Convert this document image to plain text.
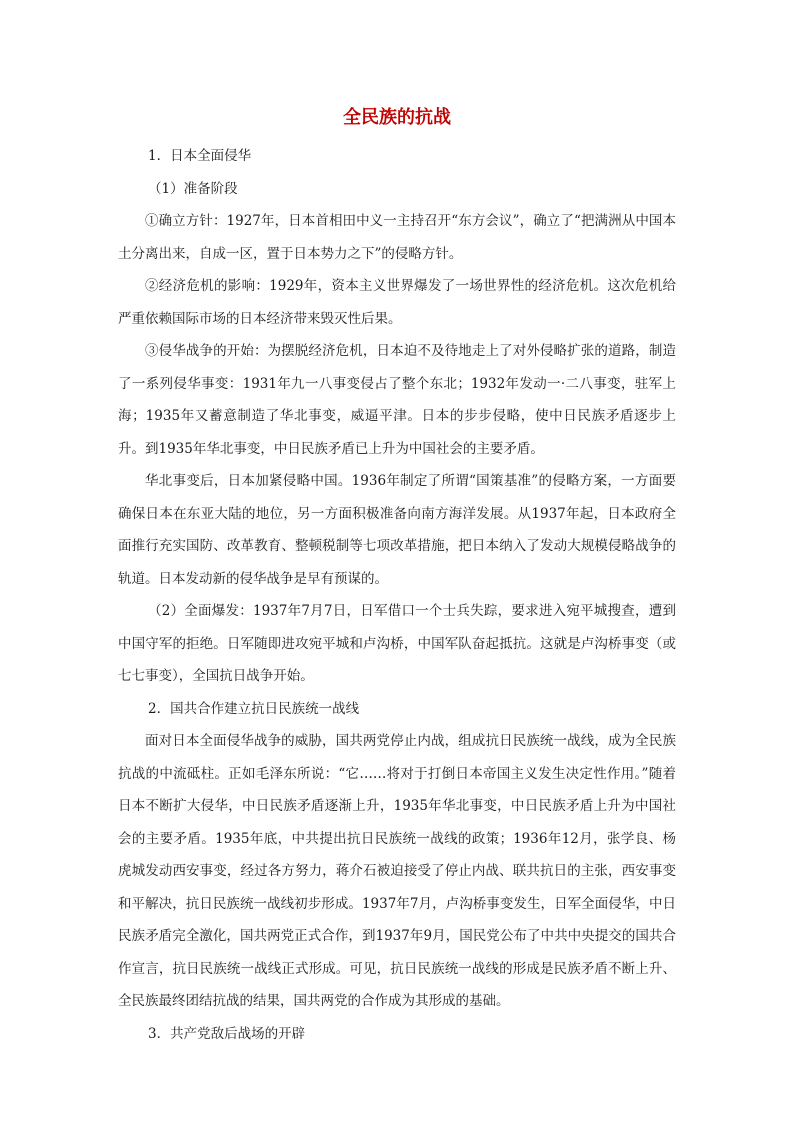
全民族的抗战

1．日本全面侵华

（1）准备阶段

①确立方针：1927年，日本首相田中义一主持召开“东方会议”，确立了“把满洲从中国本土分离出来，自成一区，置于日本势力之下”的侵略方针。

②经济危机的影响：1929年，资本主义世界爆发了一场世界性的经济危机。这次危机给严重依赖国际市场的日本经济带来毁灭性后果。

③侵华战争的开始：为摆脱经济危机，日本迫不及待地走上了对外侵略扩张的道路，制造了一系列侵华事变：1931年九一八事变侵占了整个东北；1932年发动一·二八事变，驻军上海；1935年又蓄意制造了华北事变，威逼平津。日本的步步侵略，使中日民族矛盾逐步上升。到1935年华北事变，中日民族矛盾已上升为中国社会的主要矛盾。

华北事变后，日本加紧侵略中国。1936年制定了所谓“国策基准”的侵略方案，一方面要确保日本在东亚大陆的地位，另一方面积极准备向南方海洋发展。从1937年起，日本政府全面推行充实国防、改革教育、整顿税制等七项改革措施，把日本纳入了发动大规模侵略战争的轨道。日本发动新的侵华战争是早有预谋的。

（2）全面爆发：1937年7月7日，日军借口一个士兵失踪，要求进入宛平城搜查，遭到中国守军的拒绝。日军随即进攻宛平城和卢沟桥，中国军队奋起抵抗。这就是卢沟桥事变（或七七事变），全国抗日战争开始。

2．国共合作建立抗日民族统一战线

面对日本全面侵华战争的威胁，国共两党停止内战，组成抗日民族统一战线，成为全民族抗战的中流砥柱。正如毛泽东所说：“它……将对于打倒日本帝国主义发生决定性作用。”随着日本不断扩大侵华，中日民族矛盾逐渐上升，1935年华北事变，中日民族矛盾上升为中国社会的主要矛盾。1935年底，中共提出抗日民族统一战线的政策；1936年12月，张学良、杨虎城发动西安事变，经过各方努力，蒋介石被迫接受了停止内战、联共抗日的主张，西安事变和平解决，抗日民族统一战线初步形成。1937年7月，卢沟桥事变发生，日军全面侵华，中日民族矛盾完全激化，国共两党正式合作，到1937年9月，国民党公布了中共中央提交的国共合作宣言，抗日民族统一战线正式形成。可见，抗日民族统一战线的形成是民族矛盾不断上升、全民族最终团结抗战的结果，国共两党的合作成为其形成的基础。

3．共产党敌后战场的开辟
